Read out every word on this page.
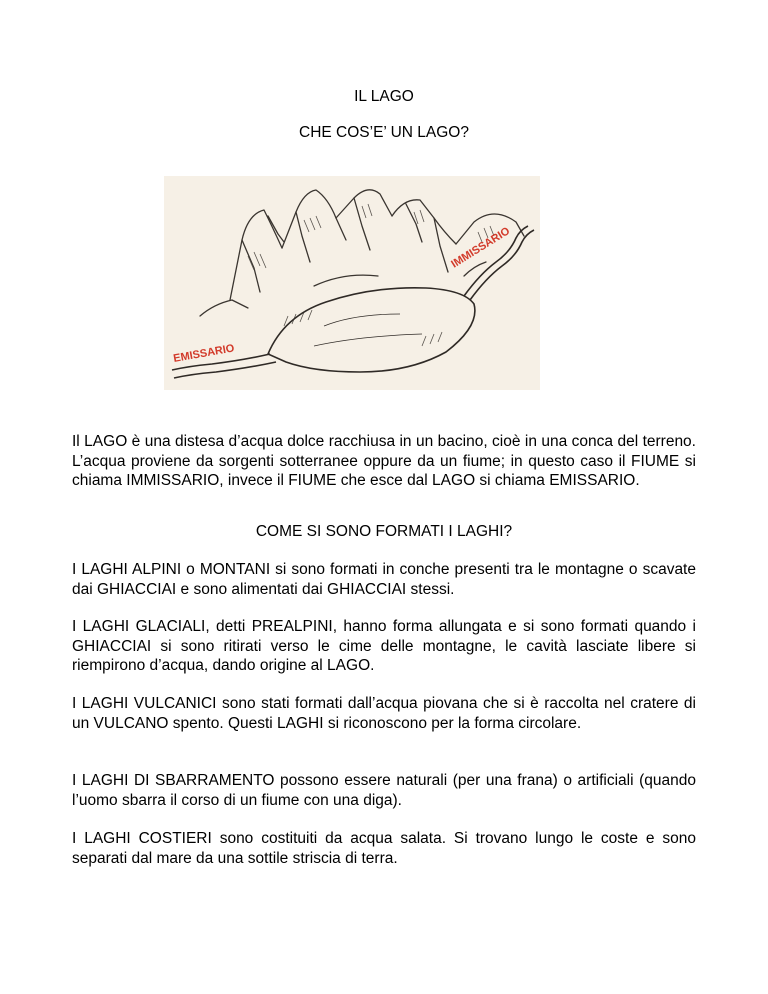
IL LAGO
CHE COS’E’ UN LAGO?
IMMISSARIO
EMISSARIO
Il LAGO è una distesa d’acqua dolce racchiusa in un bacino, cioè in una conca del terreno. L’acqua proviene da sorgenti sotterranee oppure da un fiume; in questo caso il FIUME si chiama IMMISSARIO, invece il FIUME che esce dal LAGO si chiama EMISSARIO.
COME SI SONO FORMATI I LAGHI?
I LAGHI ALPINI o MONTANI si sono formati in conche presenti tra le montagne o scavate dai GHIACCIAI e sono alimentati dai GHIACCIAI stessi.
I LAGHI GLACIALI, detti PREALPINI, hanno forma allungata e si sono formati quando i GHIACCIAI si sono ritirati verso le cime delle montagne, le cavità lasciate libere si riempirono d’acqua, dando origine al LAGO.
I LAGHI VULCANICI sono stati formati dall’acqua piovana che si è raccolta nel cratere di un VULCANO spento. Questi LAGHI si riconoscono per la forma circolare.
I LAGHI DI SBARRAMENTO possono essere naturali (per una frana) o artificiali (quando l’uomo sbarra il corso di un fiume con una diga).
I LAGHI COSTIERI sono costituiti da acqua salata. Si trovano lungo le coste e sono separati dal mare da una sottile striscia di terra.
